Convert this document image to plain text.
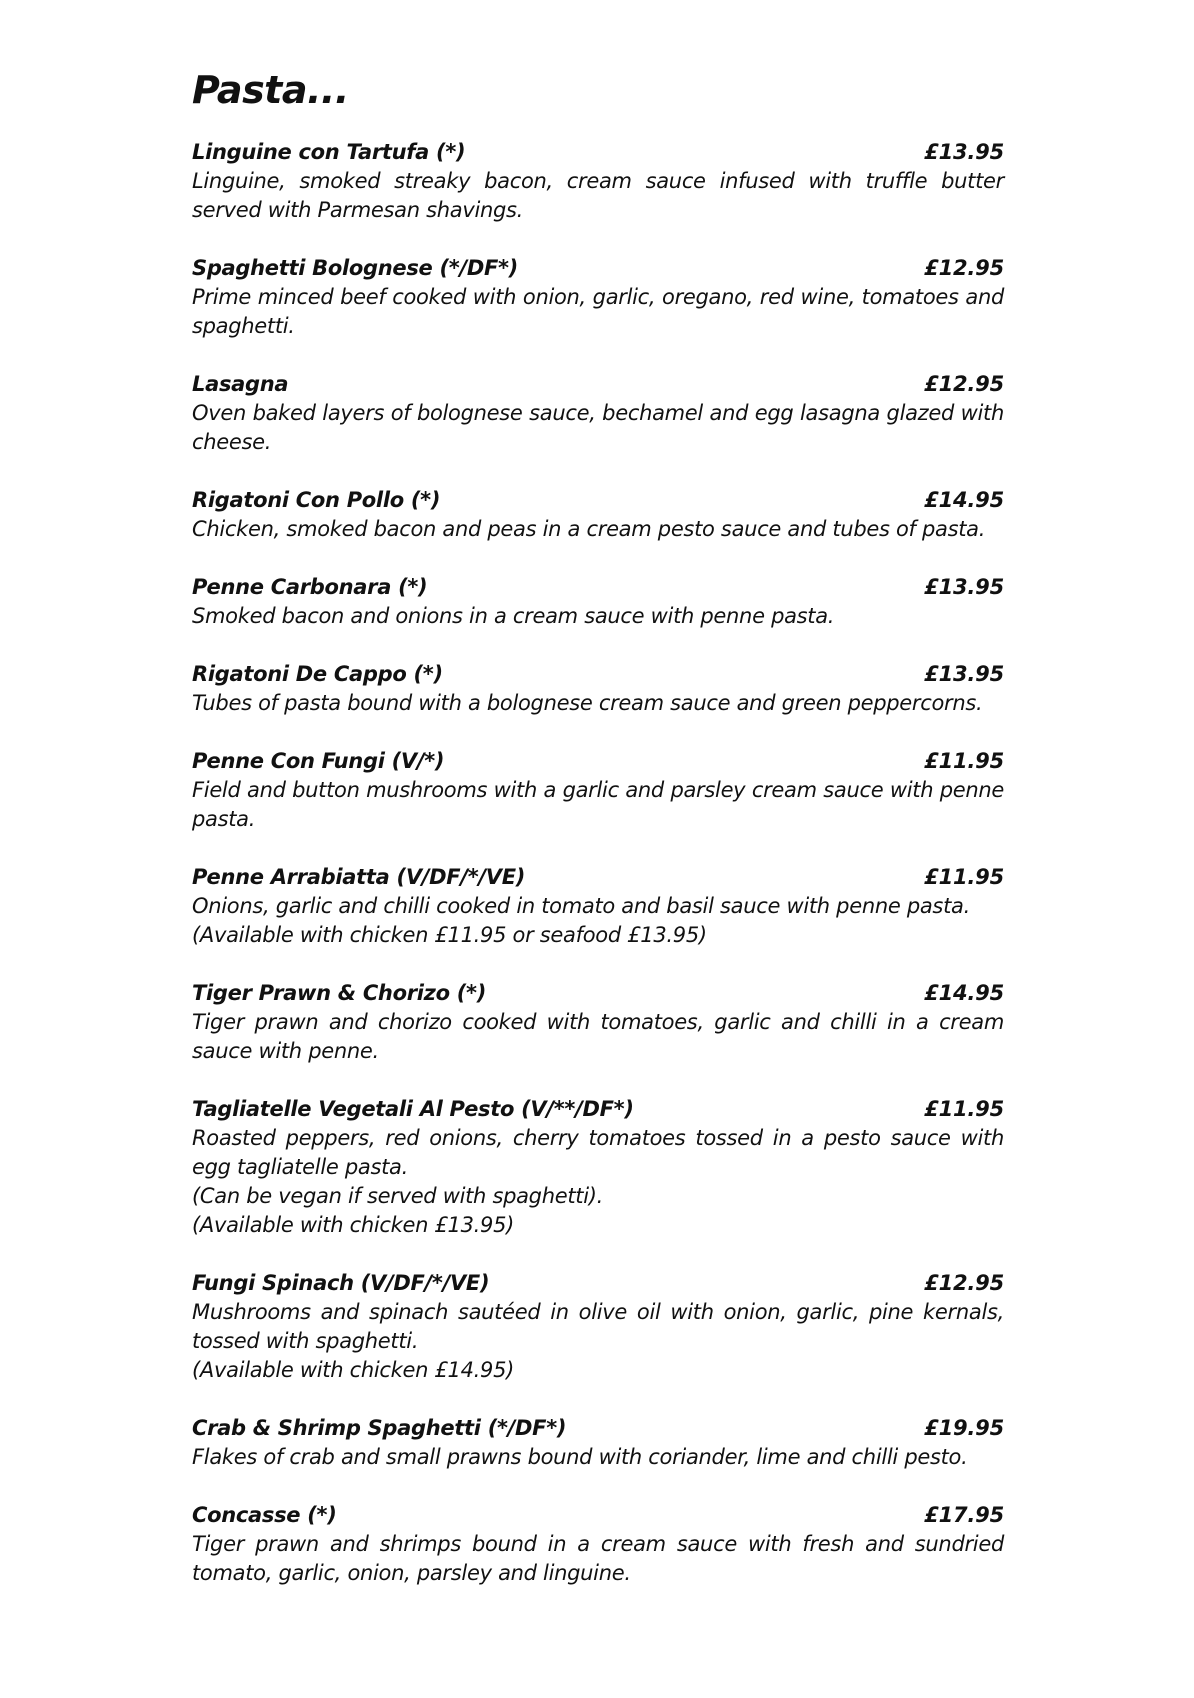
Pasta...
Linguine con Tartufa (*)	£13.95
Linguine, smoked streaky bacon, cream sauce infused with truffle butter served with Parmesan shavings.
Spaghetti Bolognese (*/DF*)	£12.95
Prime minced beef cooked with onion, garlic, oregano, red wine, tomatoes and spaghetti.
Lasagna	£12.95
Oven baked layers of bolognese sauce, bechamel and egg lasagna glazed with cheese.
Rigatoni Con Pollo (*)	£14.95
Chicken, smoked bacon and peas in a cream pesto sauce and tubes of pasta.
Penne Carbonara (*)	£13.95
Smoked bacon and onions in a cream sauce with penne pasta.
Rigatoni De Cappo (*)	£13.95
Tubes of pasta bound with a bolognese cream sauce and green peppercorns.
Penne Con Fungi (V/*)	£11.95
Field and button mushrooms with a garlic and parsley cream sauce with penne pasta.
Penne Arrabiatta (V/DF/*/VE)	£11.95
Onions, garlic and chilli cooked in tomato and basil sauce with penne pasta.
(Available with chicken £11.95 or seafood £13.95)
Tiger Prawn & Chorizo (*)	£14.95
Tiger prawn and chorizo cooked with tomatoes, garlic and chilli in a cream sauce with penne.
Tagliatelle Vegetali Al Pesto (V/**/DF*)	£11.95
Roasted peppers, red onions, cherry tomatoes tossed in a pesto sauce with egg tagliatelle pasta.
(Can be vegan if served with spaghetti).
(Available with chicken £13.95)
Fungi Spinach (V/DF/*/VE)	£12.95
Mushrooms and spinach sautéed in olive oil with onion, garlic, pine kernals, tossed with spaghetti.
(Available with chicken £14.95)
Crab & Shrimp Spaghetti (*/DF*)	£19.95
Flakes of crab and small prawns bound with coriander, lime and chilli pesto.
Concasse (*)	£17.95
Tiger prawn and shrimps bound in a cream sauce with fresh and sundried tomato, garlic, onion, parsley and linguine.
